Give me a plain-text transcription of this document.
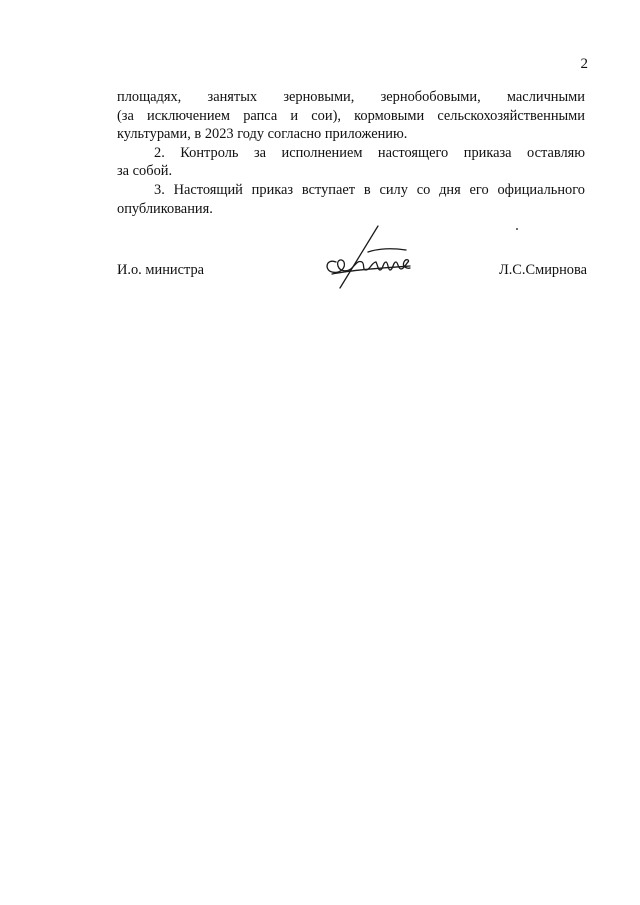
2

площадях, занятых зерновыми, зернобобовыми, масличными
(за исключением рапса и сои), кормовыми сельскохозяйственными
культурами, в 2023 году согласно приложению.

2. Контроль за исполнением настоящего приказа оставляю
за собой.

3. Настоящий приказ вступает в силу со дня его официального
опубликования.

И.о. министра	Л.С.Смирнова
